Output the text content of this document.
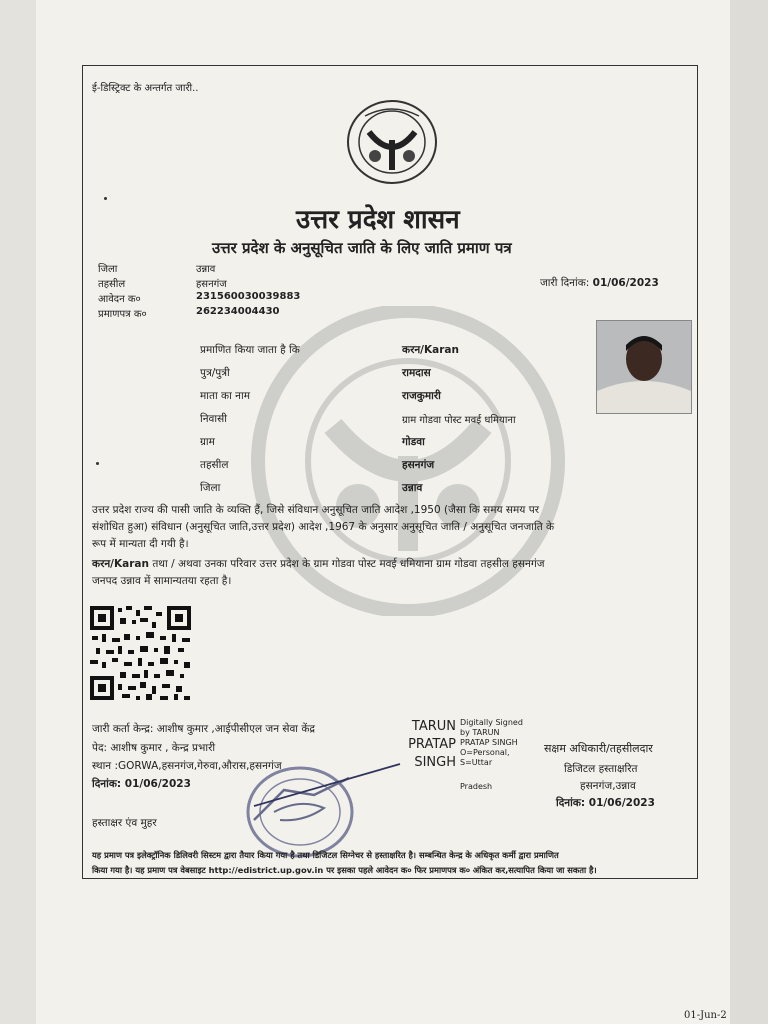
ई-डिस्ट्रिक्ट के अन्तर्गत जारी..
उत्तर प्रदेश शासन
उत्तर प्रदेश के अनुसूचित जाति के लिए जाति प्रमाण पत्र
जिला	उन्नाव
तहसील	हसनगंज
आवेदन क०	231560030039883
प्रमाणपत्र क०	262234004430
जारी दिनांक: 01/06/2023
प्रमाणित किया जाता है कि	करन/Karan
पुत्र/पुत्री	रामदास
माता का नाम	राजकुमारी
निवासी	ग्राम गोडवा पोस्ट मवई धमियाना
ग्राम	गोडवा
तहसील	हसनगंज
जिला	उन्नाव
उत्तर प्रदेश राज्य की पासी जाति के व्यक्ति हैं, जिसे संविधान अनुसूचित जाति आदेश ,1950 (जैसा कि समय समय पर
संशोधित हुआ) संविधान (अनुसूचित जाति,उत्तर प्रदेश) आदेश ,1967 के अनुसार अनुसूचित जाति / अनुसूचित जनजाति के
रूप में मान्यता दी गयी है।
करन/Karan तथा / अथवा उनका परिवार उत्तर प्रदेश के ग्राम गोडवा पोस्ट मवई धमियाना ग्राम गोडवा तहसील हसनगंज
जनपद उन्नाव में सामान्यतया रहता है।
जारी कर्ता केन्द्र: आशीष कुमार ,आईपीसीएल जन सेवा केंद्र
पेद: आशीष कुमार , केन्द्र प्रभारी
स्थान :GORWA,हसनगंज,गेरुवा,औरास,हसनगंज
दिनांक: 01/06/2023
TARUN
PRATAP
SINGH
Digitally Signed
by TARUN
PRATAP SINGH
O=Personal,
S=Uttar
Pradesh
सक्षम अधिकारी/तहसीलदार
डिजिटल हस्ताक्षरित
हसनगंज,उन्नाव
दिनांक: 01/06/2023
हस्ताक्षर एंव मुहर
यह प्रमाण पत्र इलेक्ट्रॉनिक डिलिवरी सिस्टम द्वारा तैयार किया गया है तथा डिजिटल सिग्नेचर से हस्ताक्षरित है। सम्बन्धित केन्द्र के अधिकृत कर्मी द्वारा प्रमाणित
किया गया है। यह प्रमाण पत्र वेबसाइट http://edistrict.up.gov.in पर इसका पहले आवेदन क० फिर प्रमाणपत्र क० अंकित कर,सत्यापित किया जा सकता है।
01-Jun-2
